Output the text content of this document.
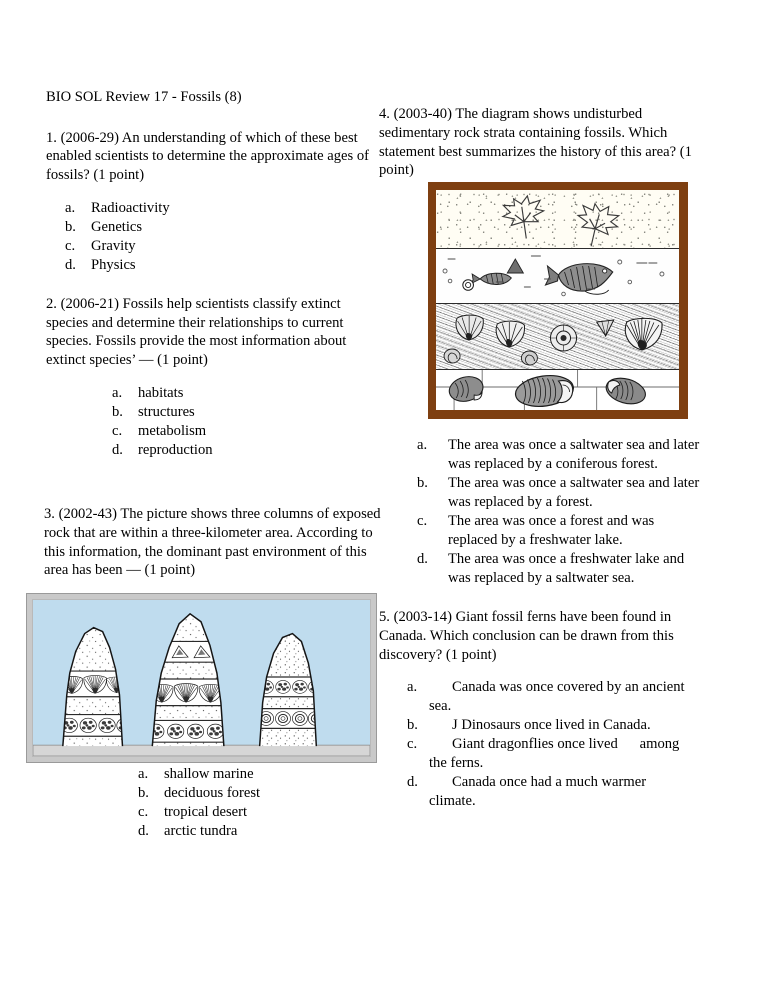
BIO SOL Review 17 - Fossils (8)

1. (2006-29) An understanding of which of these best enabled scientists to determine the approximate ages of fossils? (1 point)

a.	Radioactivity
b.	Genetics
c.	Gravity
d.	Physics

2. (2006-21) Fossils help scientists classify extinct species and determine their relationships to current species. Fossils provide the most information about extinct species’ — (1 point)

a.	habitats
b.	structures
c.	metabolism
d.	reproduction

3. (2002-43) The picture shows three columns of exposed rock that are within a three-kilometer area. According to this information, the dominant past environment of this area has been — (1 point)

a.	shallow marine
b.	deciduous forest
c.	tropical desert
d.	arctic tundra

4. (2003-40) The diagram shows undisturbed sedimentary rock strata containing fossils. Which statement best summarizes the history of this area? (1 point)

a.	The area was once a saltwater sea and later was replaced by a coniferous forest.
b.	The area was once a saltwater sea and later was replaced by a forest.
c.	The area was once a forest and was replaced by a freshwater lake.
d.	The area was once a freshwater lake and was replaced by a saltwater sea.

5. (2003-14) Giant fossil ferns have been found in Canada. Which conclusion can be drawn from this discovery? (1 point)

a.	Canada was once covered by an ancient
sea.
b.	J Dinosaurs once lived in Canada.
c.	Giant dragonflies once lived      among
the ferns.
d.	Canada once had a much warmer
climate.
